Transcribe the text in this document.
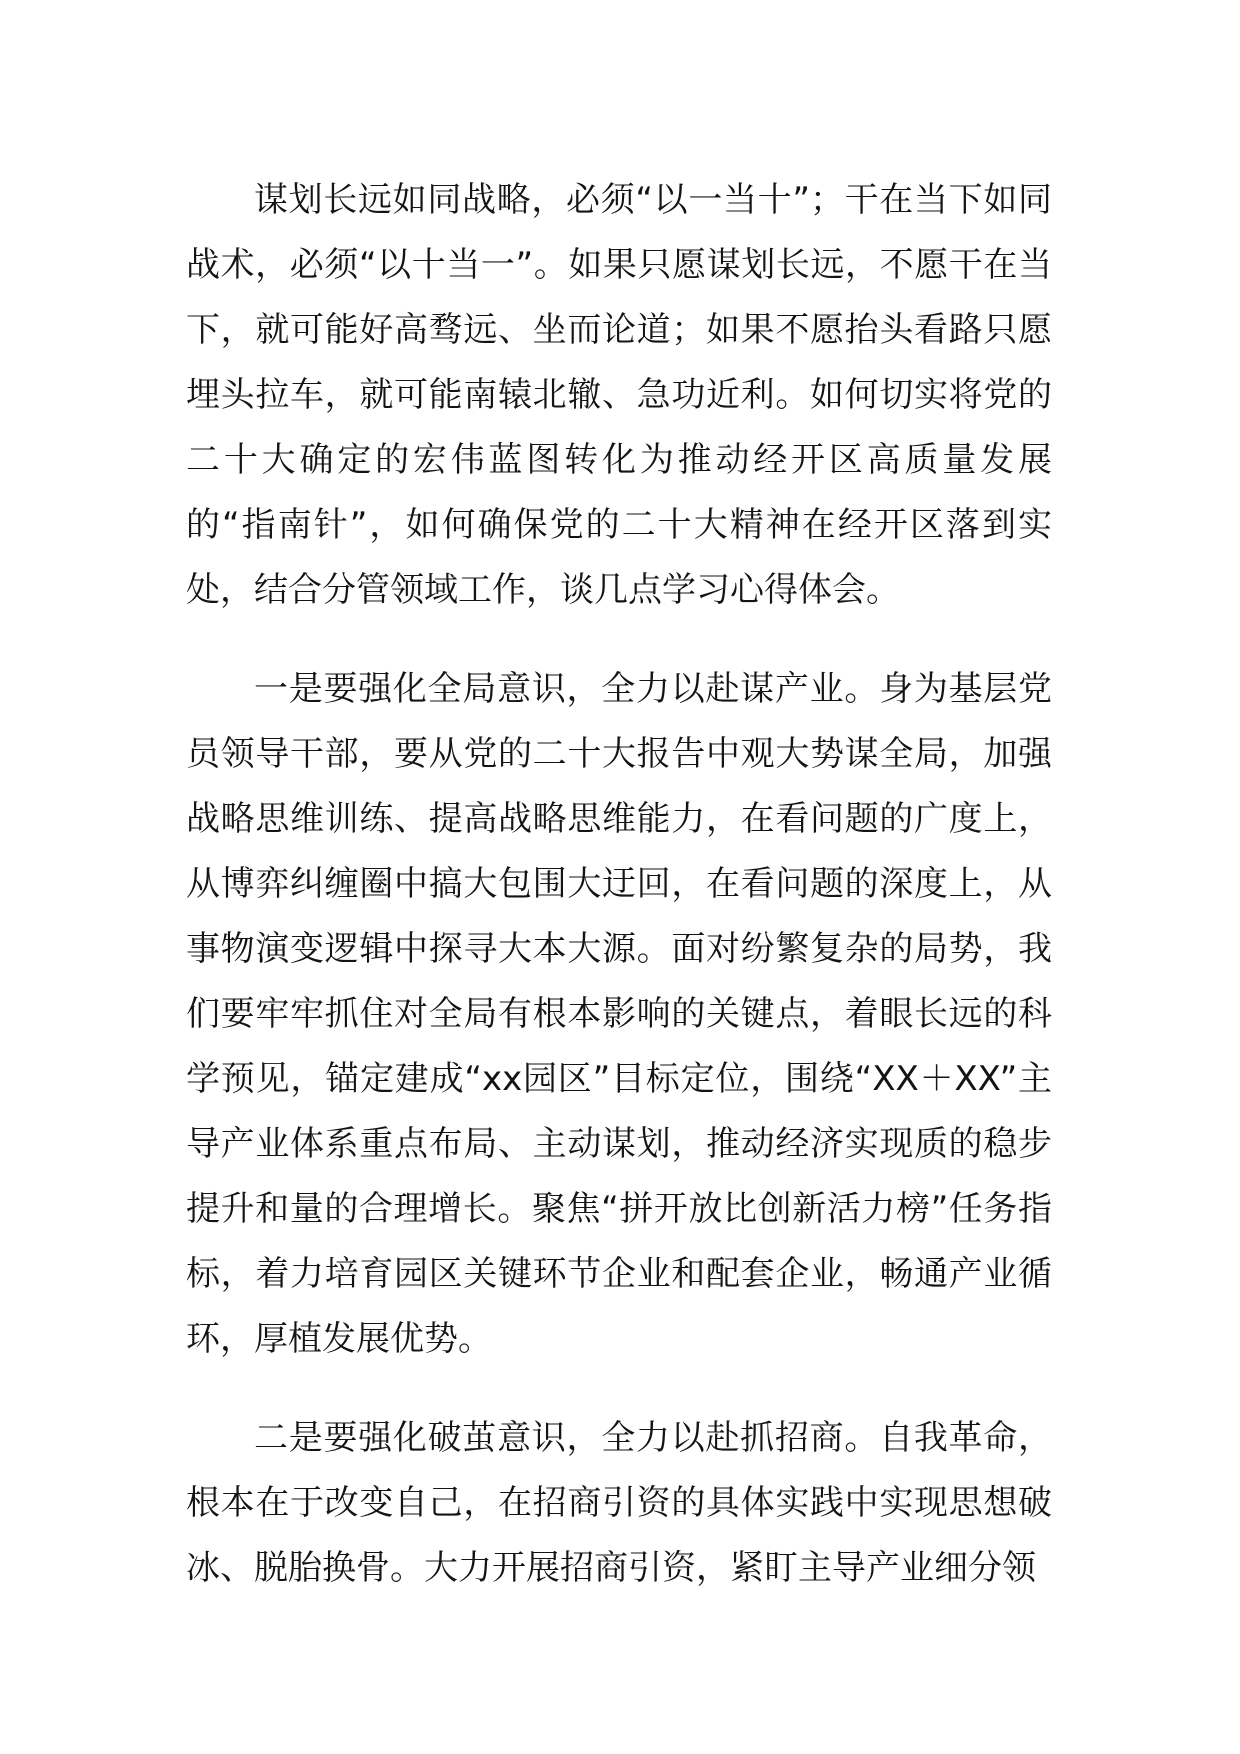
谋划长远如同战略，必须“以一当十”；干在当下如同战术，必须“以十当一”。如果只愿谋划长远，不愿干在当下，就可能好高骛远、坐而论道；如果不愿抬头看路只愿埋头拉车，就可能南辕北辙、急功近利。如何切实将党的二十大确定的宏伟蓝图转化为推动经开区高质量发展的“指南针”，如何确保党的二十大精神在经开区落到实处，结合分管领域工作，谈几点学习心得体会。

一是要强化全局意识，全力以赴谋产业。身为基层党员领导干部，要从党的二十大报告中观大势谋全局，加强战略思维训练、提高战略思维能力，在看问题的广度上，从博弈纠缠圈中搞大包围大迂回，在看问题的深度上，从事物演变逻辑中探寻大本大源。面对纷繁复杂的局势，我们要牢牢抓住对全局有根本影响的关键点，着眼长远的科学预见，锚定建成“xx园区”目标定位，围绕“XX＋XX”主导产业体系重点布局、主动谋划，推动经济实现质的稳步提升和量的合理增长。聚焦“拼开放比创新活力榜”任务指标，着力培育园区关键环节企业和配套企业，畅通产业循环，厚植发展优势。

二是要强化破茧意识，全力以赴抓招商。自我革命，根本在于改变自己，在招商引资的具体实践中实现思想破冰、脱胎换骨。大力开展招商引资，紧盯主导产业细分领
